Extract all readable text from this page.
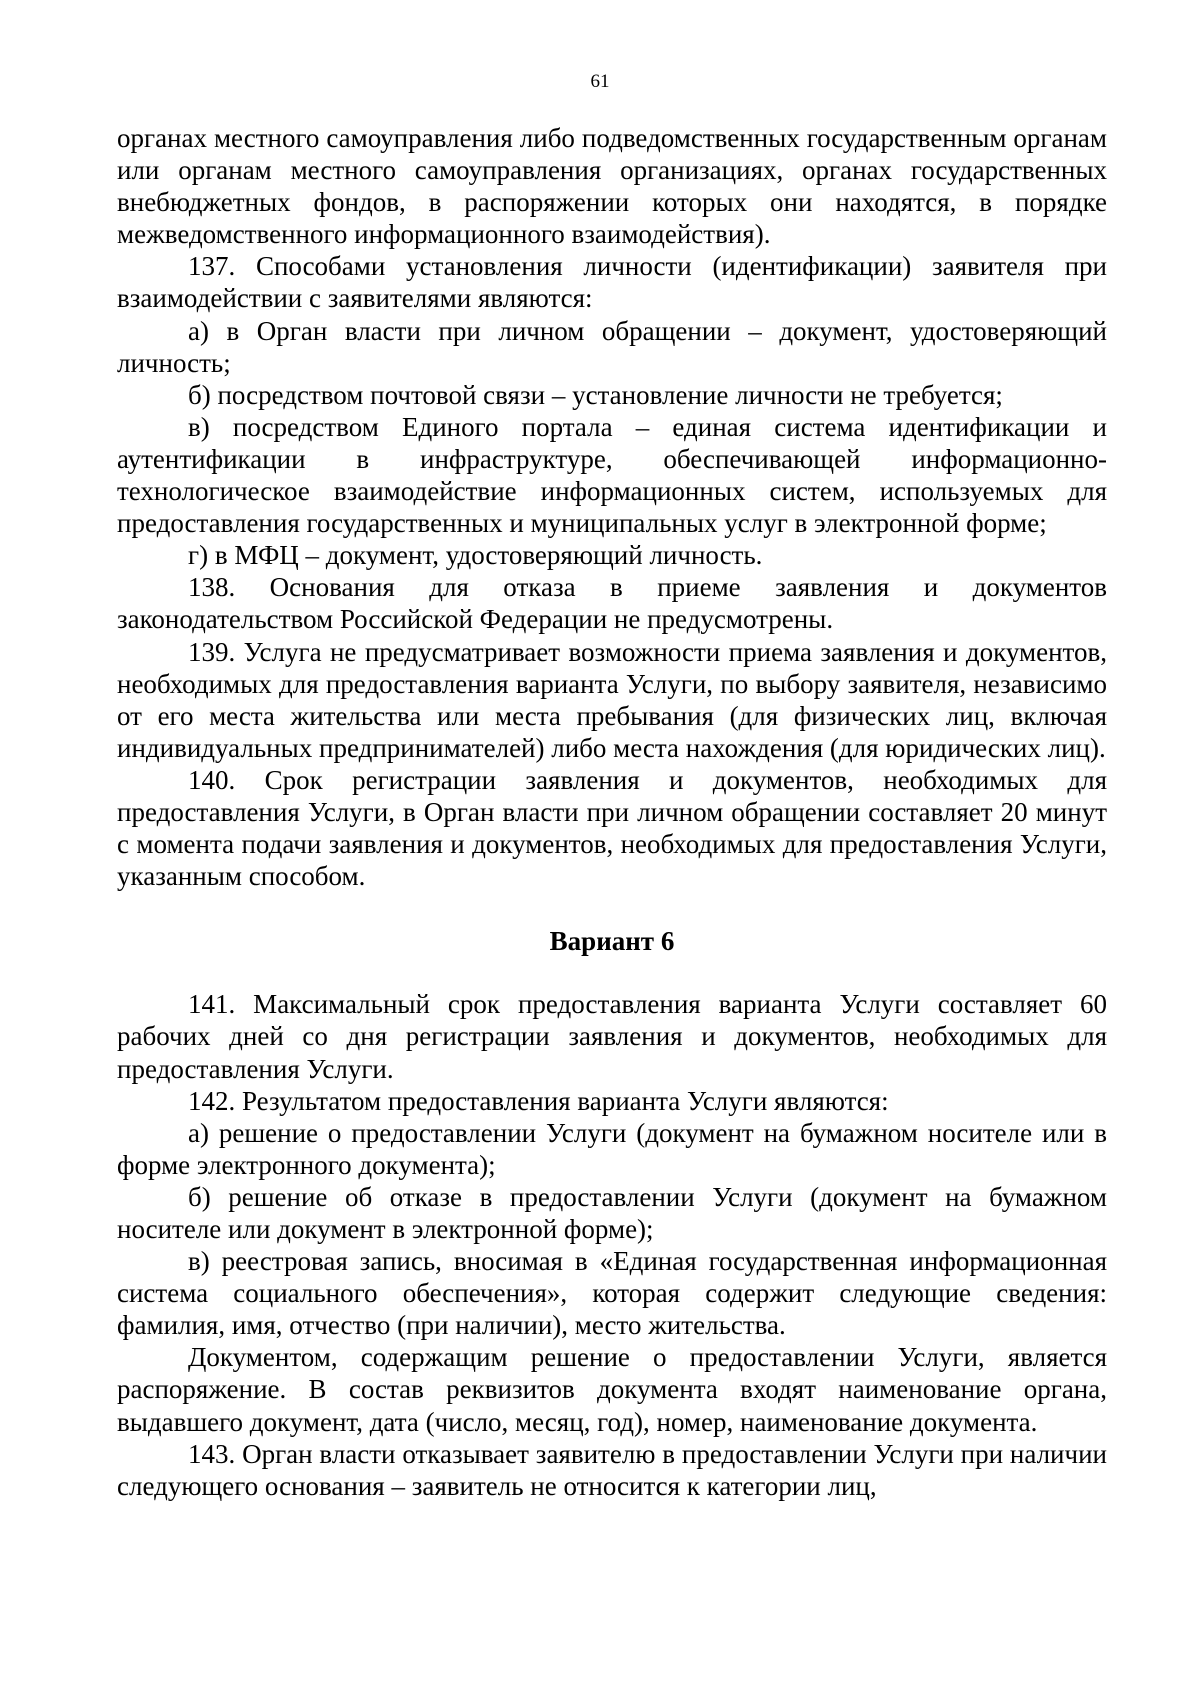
61

органах местного самоуправления либо подведомственных государственным органам или органам местного самоуправления организациях, органах государственных внебюджетных фондов, в распоряжении которых они находятся, в порядке межведомственного информационного взаимодействия).

137. Способами установления личности (идентификации) заявителя при взаимодействии с заявителями являются:

а) в Орган власти при личном обращении – документ, удостоверяющий личность;

б) посредством почтовой связи – установление личности не требуется;

в) посредством Единого портала – единая система идентификации и аутентификации в инфраструктуре, обеспечивающей информационно-технологическое взаимодействие информационных систем, используемых для предоставления государственных и муниципальных услуг в электронной форме;

г) в МФЦ – документ, удостоверяющий личность.

138. Основания для отказа в приеме заявления и документов законодательством Российской Федерации не предусмотрены.

139. Услуга не предусматривает возможности приема заявления и документов, необходимых для предоставления варианта Услуги, по выбору заявителя, независимо от его места жительства или места пребывания (для физических лиц, включая индивидуальных предпринимателей) либо места нахождения (для юридических лиц).

140. Срок регистрации заявления и документов, необходимых для предоставления Услуги, в Орган власти при личном обращении составляет 20 минут с момента подачи заявления и документов, необходимых для предоставления Услуги, указанным способом.

Вариант 6

141. Максимальный срок предоставления варианта Услуги составляет 60 рабочих дней со дня регистрации заявления и документов, необходимых для предоставления Услуги.

142. Результатом предоставления варианта Услуги являются:

а) решение о предоставлении Услуги (документ на бумажном носителе или в форме электронного документа);

б) решение об отказе в предоставлении Услуги (документ на бумажном носителе или документ в электронной форме);

в) реестровая запись, вносимая в «Единая государственная информационная система социального обеспечения», которая содержит следующие сведения: фамилия, имя, отчество (при наличии), место жительства.

Документом, содержащим решение о предоставлении Услуги, является распоряжение. В состав реквизитов документа входят наименование органа, выдавшего документ, дата (число, месяц, год), номер, наименование документа.

143. Орган власти отказывает заявителю в предоставлении Услуги при наличии следующего основания – заявитель не относится к категории лиц,
